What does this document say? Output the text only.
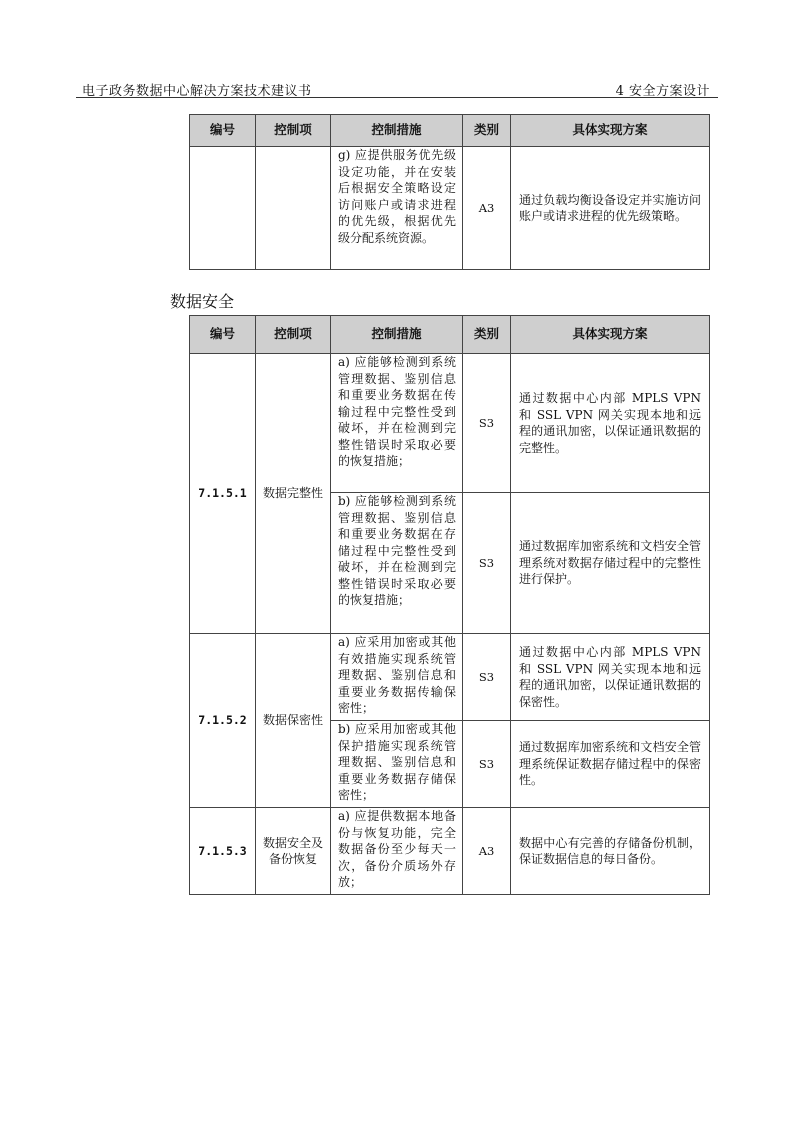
电子政务数据中心解决方案技术建议书	4 安全方案设计
编号	控制项	控制措施	类别	具体实现方案
		g) 应提供服务优先级设定功能，并在安装后根据安全策略设定访问账户或请求进程的优先级，根据优先级分配系统资源。	A3	通过负载均衡设备设定并实施访问账户或请求进程的优先级策略。
数据安全
编号	控制项	控制措施	类别	具体实现方案
7.1.5.1	数据完整性	a) 应能够检测到系统管理数据、鉴别信息和重要业务数据在传输过程中完整性受到破坏，并在检测到完整性错误时采取必要的恢复措施；	S3	通过数据中心内部 MPLS VPN 和 SSL VPN 网关实现本地和远程的通讯加密，以保证通讯数据的完整性。
		b) 应能够检测到系统管理数据、鉴别信息和重要业务数据在存储过程中完整性受到破坏，并在检测到完整性错误时采取必要的恢复措施；	S3	通过数据库加密系统和文档安全管理系统对数据存储过程中的完整性进行保护。
7.1.5.2	数据保密性	a) 应采用加密或其他有效措施实现系统管理数据、鉴别信息和重要业务数据传输保密性；	S3	通过数据中心内部 MPLS VPN 和 SSL VPN 网关实现本地和远程的通讯加密，以保证通讯数据的保密性。
		b) 应采用加密或其他保护措施实现系统管理数据、鉴别信息和重要业务数据存储保密性；	S3	通过数据库加密系统和文档安全管理系统保证数据存储过程中的保密性。
7.1.5.3	数据安全及备份恢复	a) 应提供数据本地备份与恢复功能，完全数据备份至少每天一次，备份介质场外存放；	A3	数据中心有完善的存储备份机制，保证数据信息的每日备份。
